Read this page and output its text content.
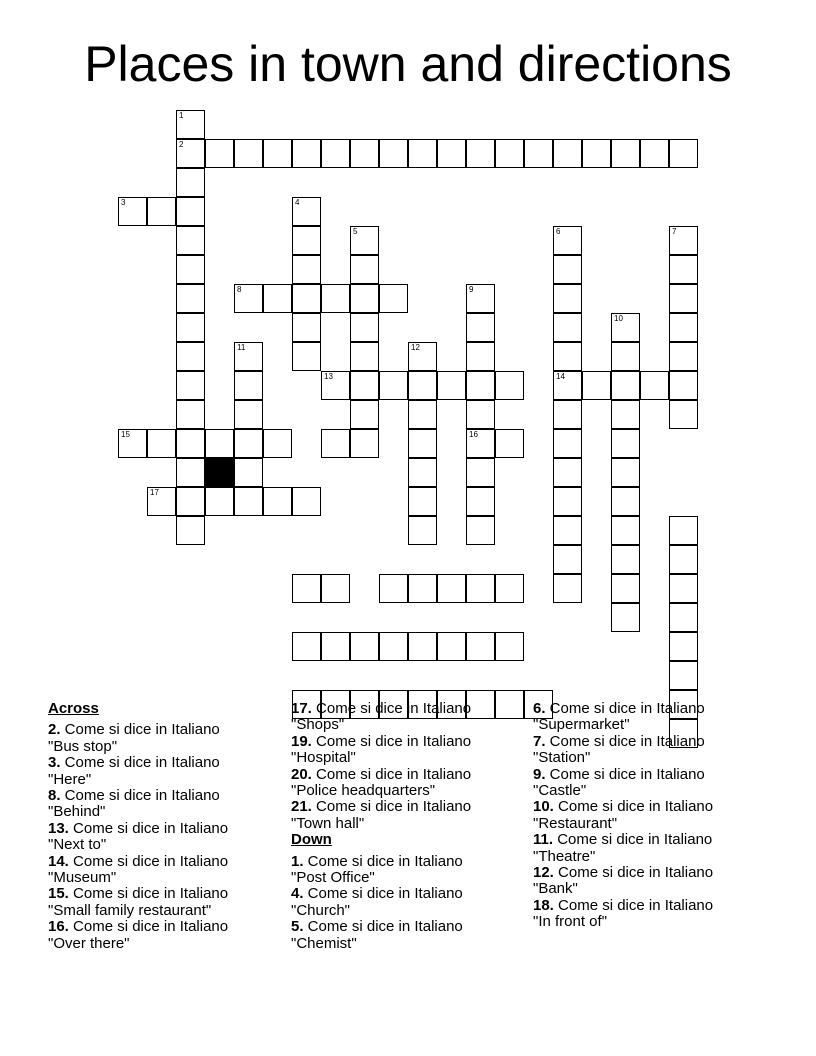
Places in town and directions
2
1
3	4
5	6
14
7
8	9
16
10
11	12
13
15
17
Across
2. Come si dice in Italiano
"Bus stop"
3. Come si dice in Italiano
"Here"
8. Come si dice in Italiano
"Behind"
13. Come si dice in Italiano
"Next to"
14. Come si dice in Italiano
"Museum"
15. Come si dice in Italiano
"Small family restaurant"
16. Come si dice in Italiano
"Over there"
17. Come si dice in Italiano
"Shops"
19. Come si dice in Italiano
"Hospital"
20. Come si dice in Italiano
"Police headquarters"
21. Come si dice in Italiano
"Town hall"
Down
1. Come si dice in Italiano
"Post Office"
4. Come si dice in Italiano
"Church"
5. Come si dice in Italiano
"Chemist"
6. Come si dice in Italiano
"Supermarket"
7. Come si dice in Italiano
"Station"
9. Come si dice in Italiano
"Castle"
10. Come si dice in Italiano
"Restaurant"
11. Come si dice in Italiano
"Theatre"
12. Come si dice in Italiano
"Bank"
18. Come si dice in Italiano
"In front of"
